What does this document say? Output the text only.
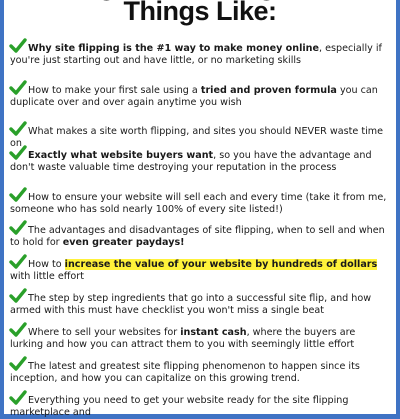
Things Like:

Why site flipping is the #1 way to make money online, especially if you're just starting out and have little, or no marketing skills

How to make your first sale using a tried and proven formula you can duplicate over and over again anytime you wish

What makes a site worth flipping, and sites you should NEVER waste time on

Exactly what website buyers want, so you have the advantage and don't waste valuable time destroying your reputation in the process

How to ensure your website will sell each and every time (take it from me, someone who has sold nearly 100% of every site listed!)

The advantages and disadvantages of site flipping, when to sell and when to hold for even greater paydays!

How to increase the value of your website by hundreds of dollars with little effort

The step by step ingredients that go into a successful site flip, and how armed with this must have checklist you won't miss a single beat

Where to sell your websites for instant cash, where the buyers are lurking and how you can attract them to you with seemingly little effort

The latest and greatest site flipping phenomenon to happen since its inception, and how you can capitalize on this growing trend.

Everything you need to get your website ready for the site flipping marketplace and
